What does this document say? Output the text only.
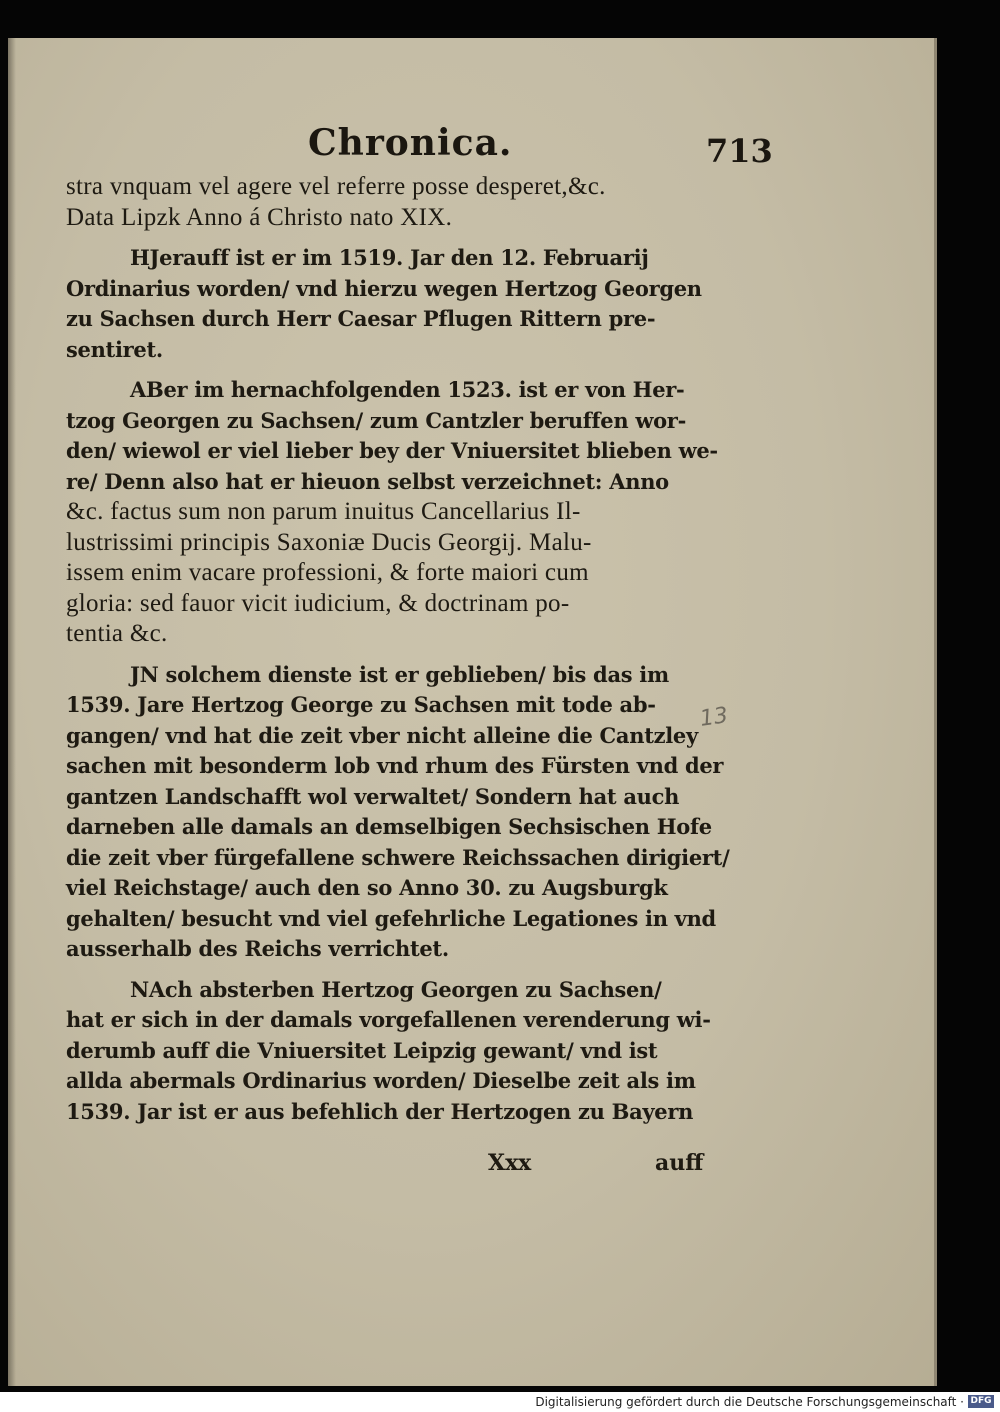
Chronica.	713
stra vnquam vel agere vel referre posse desperet,&c.
Data Lipzk Anno á Christo nato XIX.
HJerauff ist er im 1519. Jar den 12. Februarij
Ordinarius worden/ vnd hierzu wegen Hertzog Georgen
zu Sachsen durch Herr Caesar Pflugen Rittern pre-
sentiret.
ABer im hernachfolgenden 1523. ist er von Her-
tzog Georgen zu Sachsen/ zum Cantzler beruffen wor-
den/ wiewol er viel lieber bey der Vniuersitet blieben we-
re/ Denn also hat er hieuon selbst verzeichnet: Anno
&c. factus sum non parum inuitus Cancellarius Il-
lustrissimi principis Saxoniæ Ducis Georgij. Malu-
issem enim vacare professioni, & forte maiori cum
gloria: sed fauor vicit iudicium, & doctrinam po-
tentia &c.
JN solchem dienste ist er geblieben/ bis das im
1539. Jare Hertzog George zu Sachsen mit tode ab-
gangen/ vnd hat die zeit vber nicht alleine die Cantzley
sachen mit besonderm lob vnd rhum des Fürsten vnd der
gantzen Landschafft wol verwaltet/ Sondern hat auch
darneben alle damals an demselbigen Sechsischen Hofe
die zeit vber fürgefallene schwere Reichssachen dirigiert/
viel Reichstage/ auch den so Anno 30. zu Augsburgk
gehalten/ besucht vnd viel gefehrliche Legationes in vnd
ausserhalb des Reichs verrichtet.
NAch absterben Hertzog Georgen zu Sachsen/
hat er sich in der damals vorgefallenen verenderung wi-
derumb auff die Vniuersitet Leipzig gewant/ vnd ist
allda abermals Ordinarius worden/ Dieselbe zeit als im
1539. Jar ist er aus befehlich der Hertzogen zu Bayern
13
Xxx	auff
Digitalisierung gefördert durch die Deutsche Forschungsgemeinschaft · DFG
